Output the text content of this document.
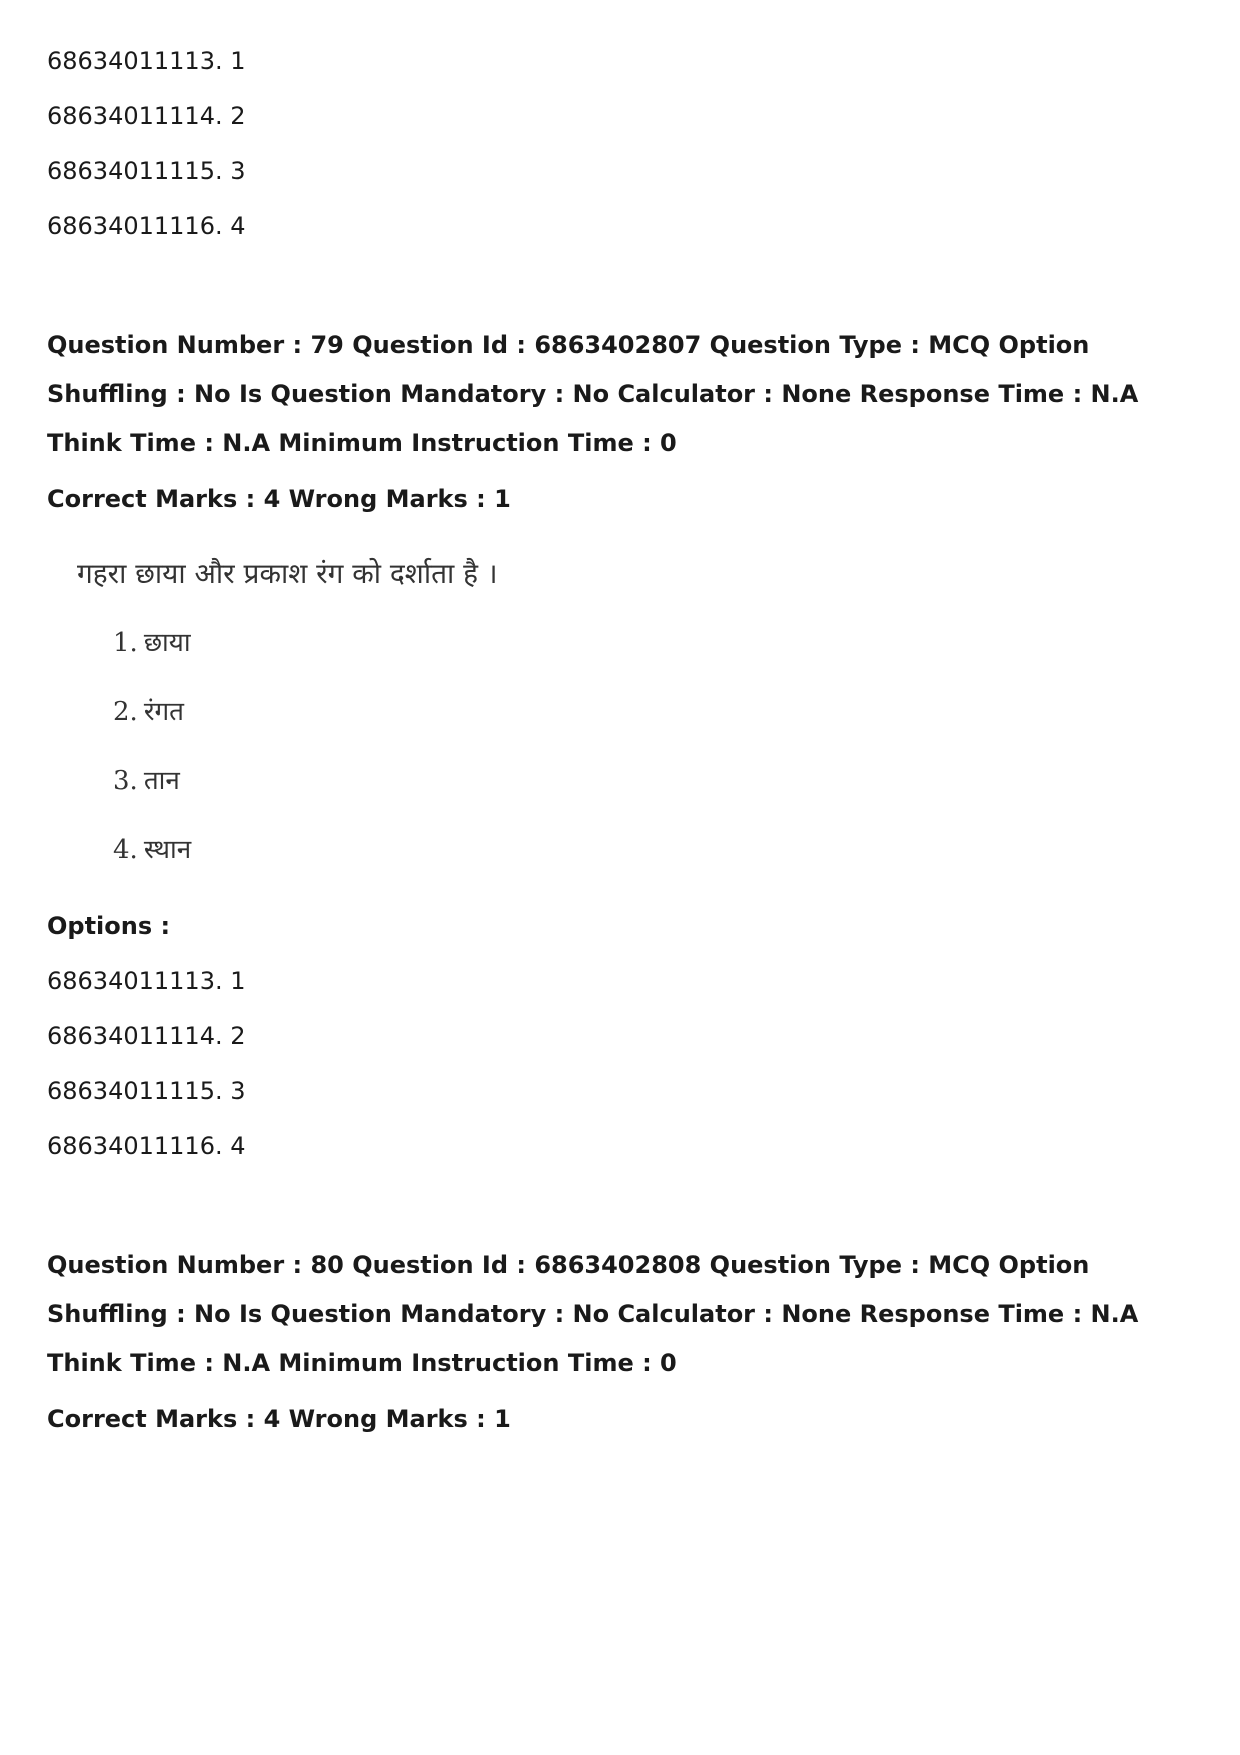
68634011113. 1
68634011114. 2
68634011115. 3
68634011116. 4
Question Number : 79 Question Id : 6863402807 Question Type : MCQ Option Shuffling : No Is Question Mandatory : No Calculator : None Response Time : N.A Think Time : N.A Minimum Instruction Time : 0
Correct Marks : 4 Wrong Marks : 1
गहरा छाया और प्रकाश रंग को दर्शाता है ।
1. छाया
2. रंगत
3. तान
4. स्थान
Options :
68634011113. 1
68634011114. 2
68634011115. 3
68634011116. 4
Question Number : 80 Question Id : 6863402808 Question Type : MCQ Option Shuffling : No Is Question Mandatory : No Calculator : None Response Time : N.A Think Time : N.A Minimum Instruction Time : 0
Correct Marks : 4 Wrong Marks : 1
